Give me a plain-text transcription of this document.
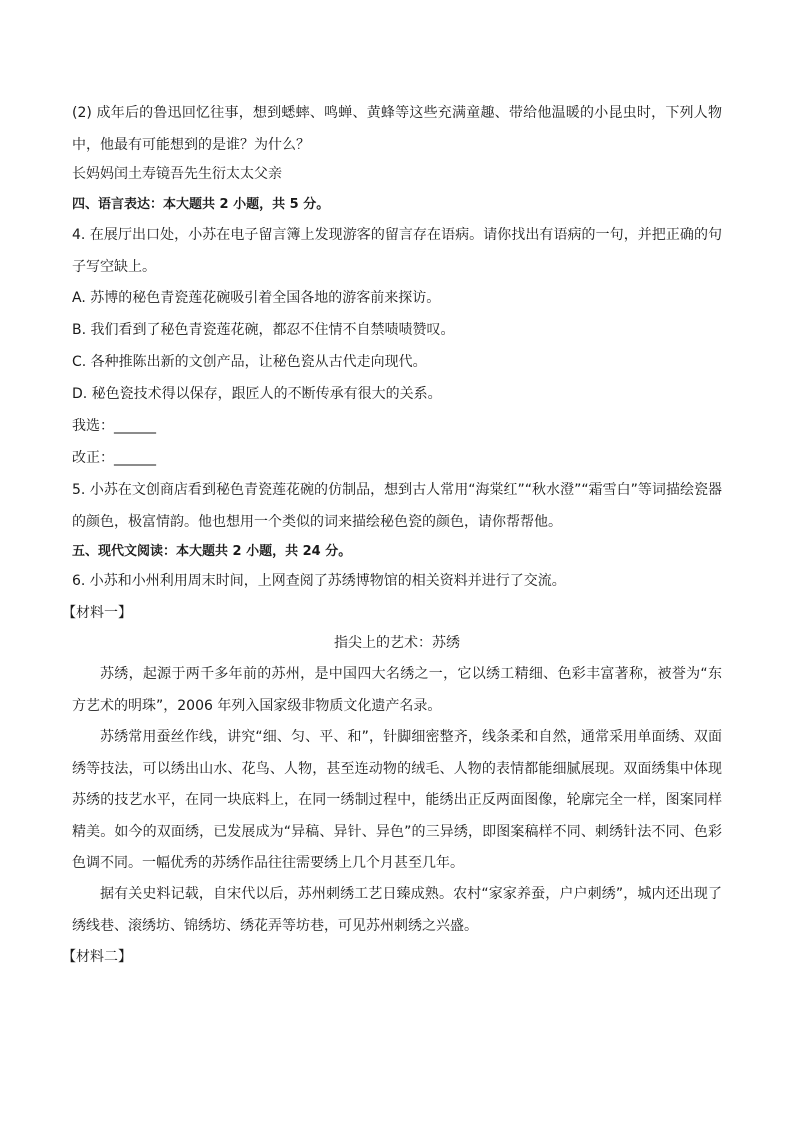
(2) 成年后的鲁迅回忆往事，想到蟋蟀、鸣蝉、黄蜂等这些充满童趣、带给他温暖的小昆虫时，下列人物中，他最有可能想到的是谁？为什么？

长妈妈闰土寿镜吾先生衍太太父亲

四、语言表达：本大题共 2 小题，共 5 分。

4. 在展厅出口处，小苏在电子留言簿上发现游客的留言存在语病。请你找出有语病的一句，并把正确的句子写空缺上。

A. 苏博的秘色青瓷莲花碗吸引着全国各地的游客前来探访。

B. 我们看到了秘色青瓷莲花碗，都忍不住情不自禁啧啧赞叹。

C. 各种推陈出新的文创产品，让秘色瓷从古代走向现代。

D. 秘色瓷技术得以保存，跟匠人的不断传承有很大的关系。

我选：______

改正：______

5. 小苏在文创商店看到秘色青瓷莲花碗的仿制品，想到古人常用“海棠红”“秋水澄”“霜雪白”等词描绘瓷器的颜色，极富情韵。他也想用一个类似的词来描绘秘色瓷的颜色，请你帮帮他。

五、现代文阅读：本大题共 2 小题，共 24 分。

6. 小苏和小州利用周末时间，上网查阅了苏绣博物馆的相关资料并进行了交流。

【材料一】

指尖上的艺术：苏绣

苏绣，起源于两千多年前的苏州，是中国四大名绣之一，它以绣工精细、色彩丰富著称，被誉为“东方艺术的明珠”，2006 年列入国家级非物质文化遗产名录。

苏绣常用蚕丝作线，讲究“细、匀、平、和”，针脚细密整齐，线条柔和自然，通常采用单面绣、双面绣等技法，可以绣出山水、花鸟、人物，甚至连动物的绒毛、人物的表情都能细腻展现。双面绣集中体现苏绣的技艺水平，在同一块底料上，在同一绣制过程中，能绣出正反两面图像，轮廓完全一样，图案同样精美。如今的双面绣，已发展成为“异稿、异针、异色”的三异绣，即图案稿样不同、刺绣针法不同、色彩色调不同。一幅优秀的苏绣作品往往需要绣上几个月甚至几年。

据有关史料记载，自宋代以后，苏州刺绣工艺日臻成熟。农村“家家养蚕，户户刺绣”，城内还出现了绣线巷、滚绣坊、锦绣坊、绣花弄等坊巷，可见苏州刺绣之兴盛。

【材料二】
